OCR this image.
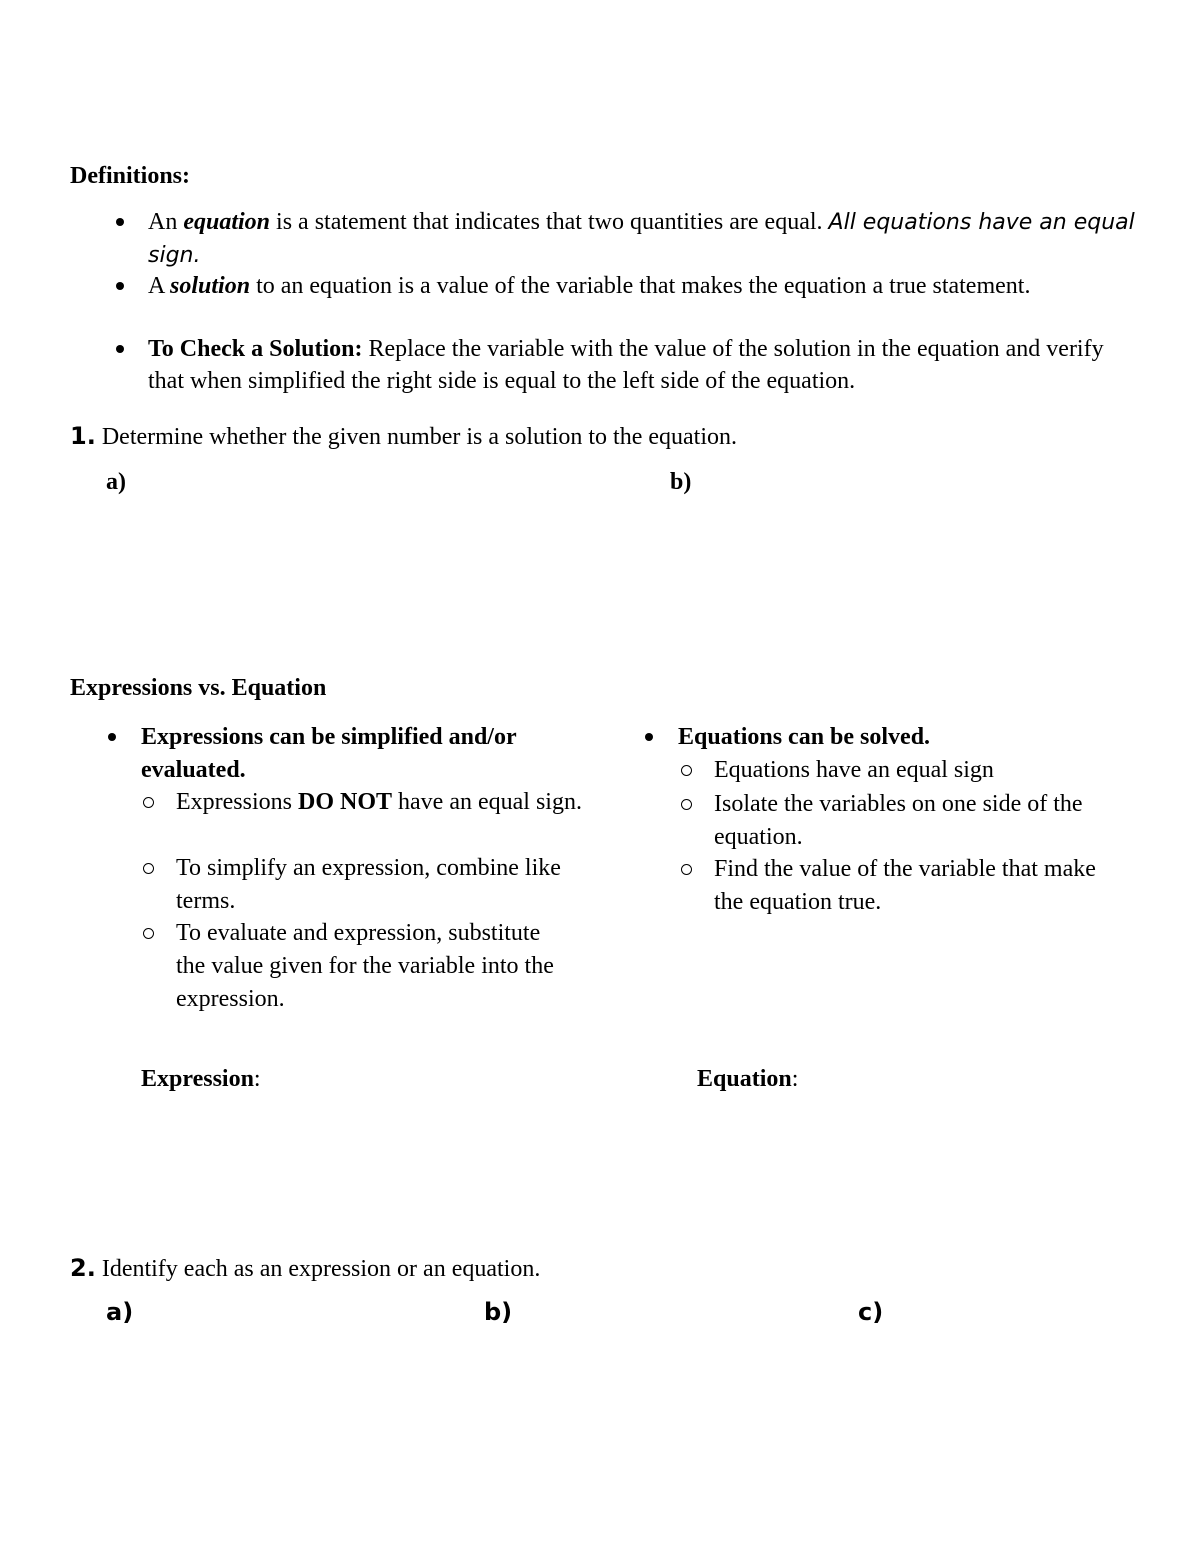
Definitions:
An equation is a statement that indicates that two quantities are equal. All equations have an equal sign.
A solution to an equation is a value of the variable that makes the equation a true statement.
To Check a Solution: Replace the variable with the value of the solution in the equation and verify that when simplified the right side is equal to the left side of the equation.
1. Determine whether the given number is a solution to the equation.
a)	b)
Expressions vs. Equation
Expressions can be simplified and/or evaluated.
Expressions DO NOT have an equal sign.
To simplify an expression, combine like terms.
To evaluate and expression, substitute the value given for the variable into the expression.
Equations can be solved.
Equations have an equal sign
Isolate the variables on one side of the equation.
Find the value of the variable that make the equation true.
Expression:	Equation:
2. Identify each as an expression or an equation.
a)	b)	c)
